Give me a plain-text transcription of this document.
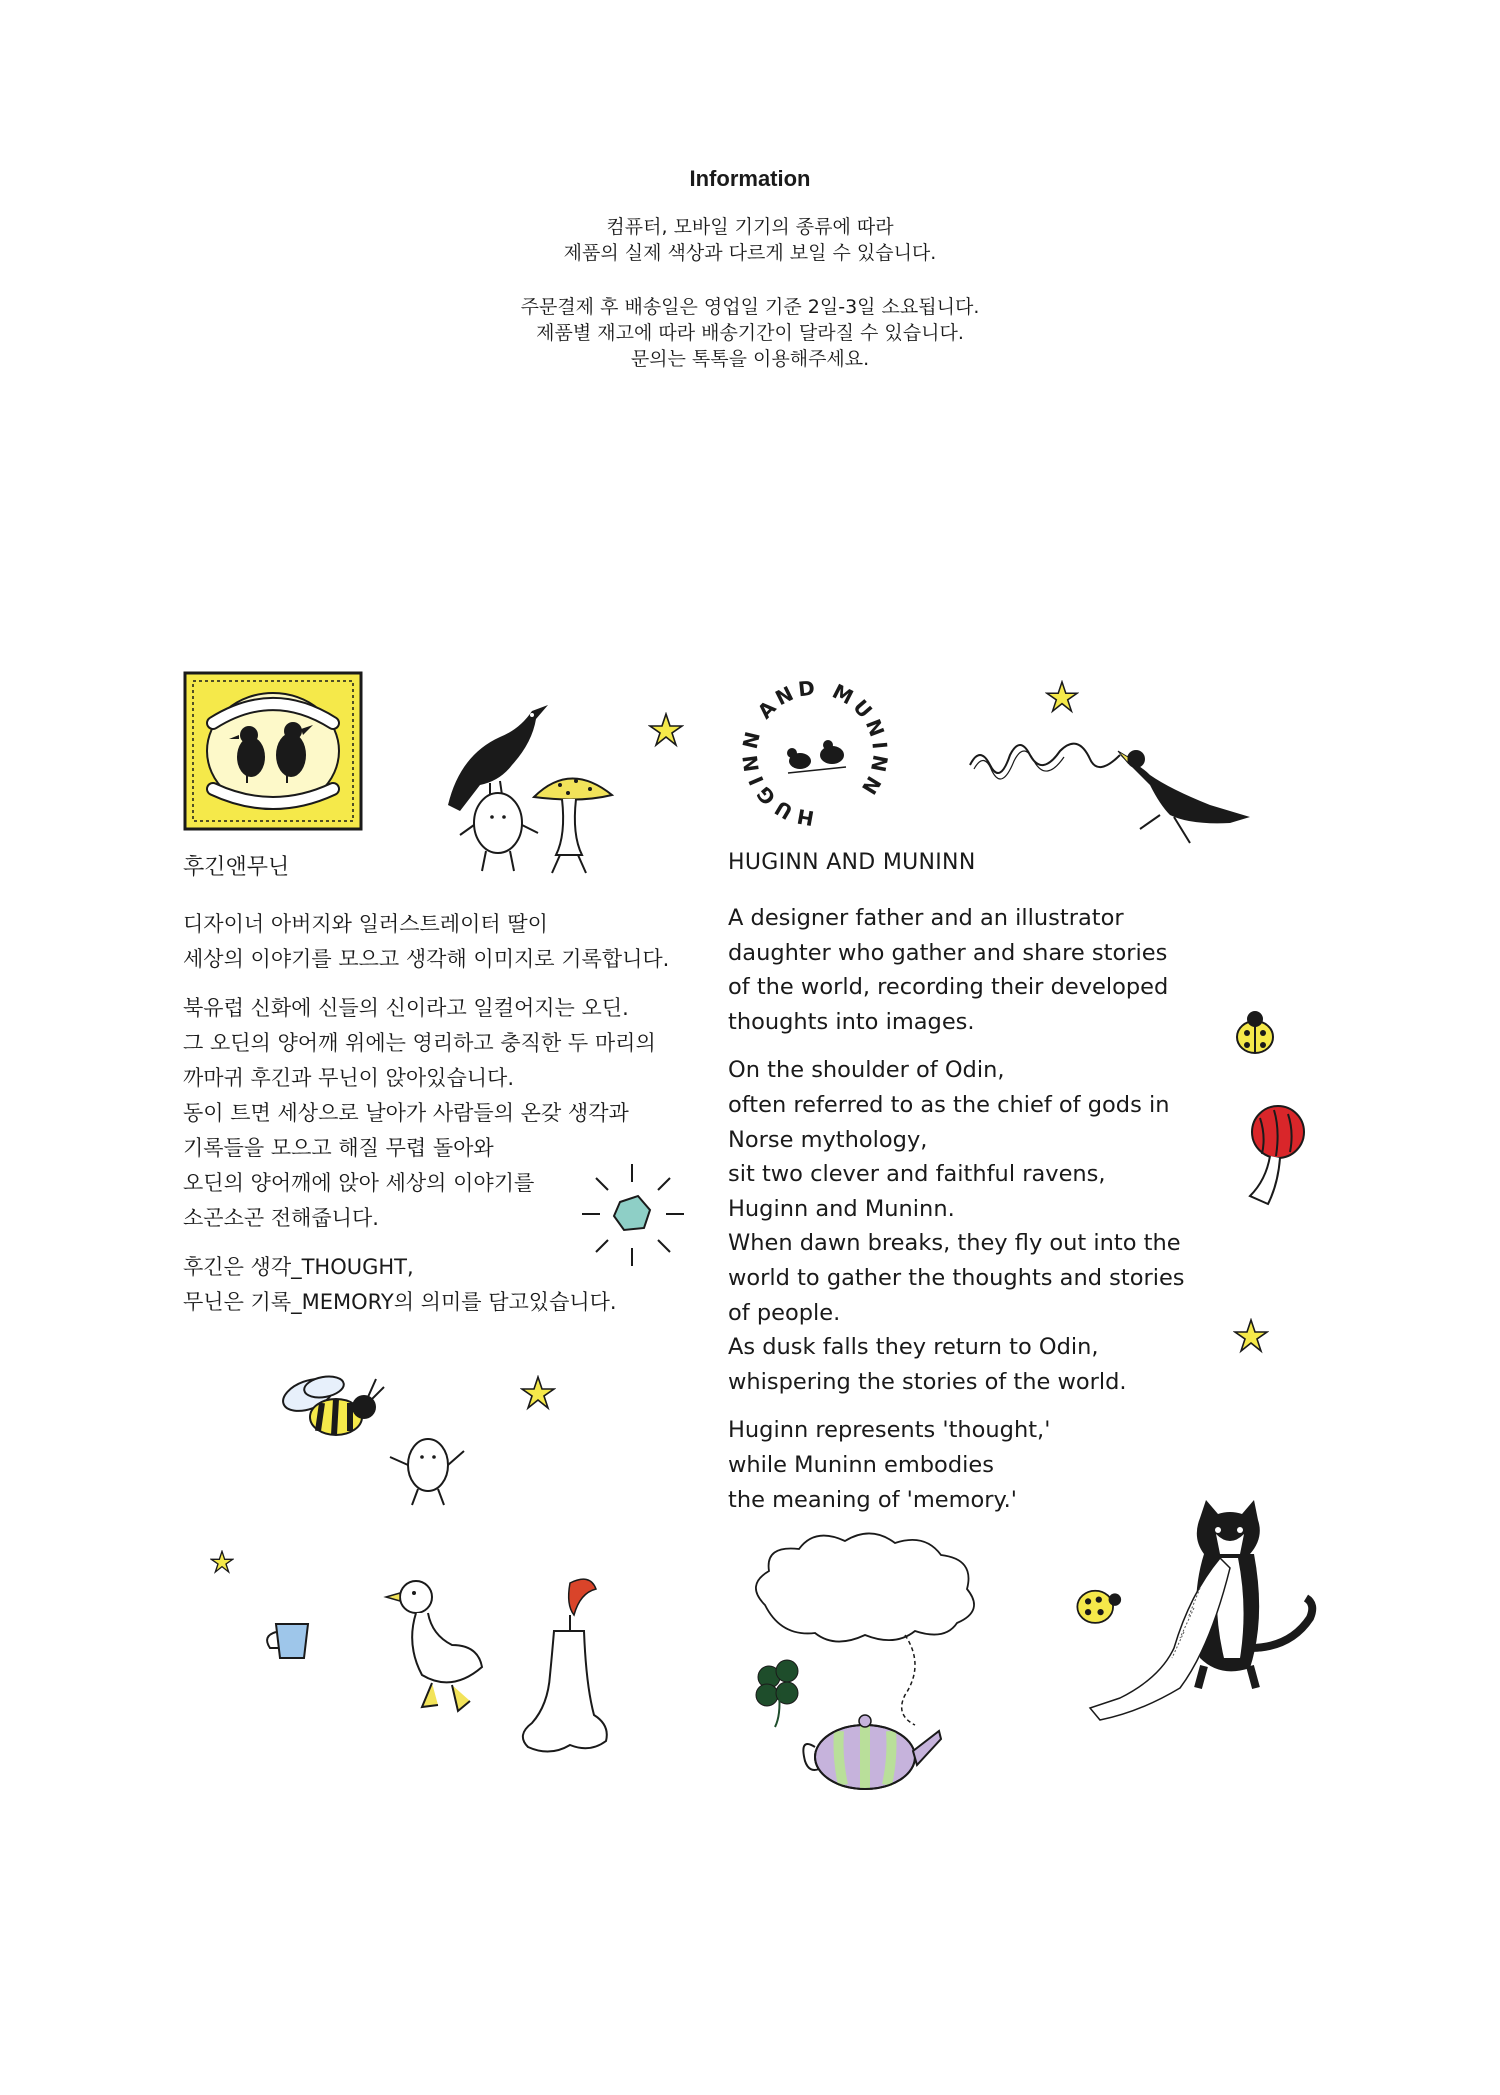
Information

컴퓨터, 모바일 기기의 종류에 따라

제품의 실제 색상과 다르게 보일 수 있습니다.

주문결제 후 배송일은 영업일 기준 2일-3일 소요됩니다.

제품별 재고에 따라 배송기간이 달라질 수 있습니다.

문의는 톡톡을 이용해주세요.

후긴앤무닌

디자이너 아버지와 일러스트레이터 딸이

세상의 이야기를 모으고 생각해 이미지로 기록합니다.

북유럽 신화에 신들의 신이라고 일컬어지는 오딘.

그 오딘의 양어깨 위에는 영리하고 충직한 두 마리의

까마귀 후긴과 무닌이 앉아있습니다.

동이 트면 세상으로 날아가 사람들의 온갖 생각과

기록들을 모으고 해질 무렵 돌아와

오딘의 양어깨에 앉아 세상의 이야기를

소곤소곤 전해줍니다.

후긴은 생각_THOUGHT,

무닌은 기록_MEMORY의 의미를 담고있습니다.

HUGINN AND MUNINN

A designer father and an illustrator

daughter who gather and share stories

of the world, recording their developed

thoughts into images.

On the shoulder of Odin,

often referred to as the chief of gods in

Norse mythology,

sit two clever and faithful ravens,

Huginn and Muninn.

When dawn breaks, they fly out into the

world to gather the thoughts and stories

of people.

As dusk falls they return to Odin,

whispering the stories of the world.

Huginn represents 'thought,'

while Muninn embodies

the meaning of 'memory.'

HUGINN AND MUNINN
